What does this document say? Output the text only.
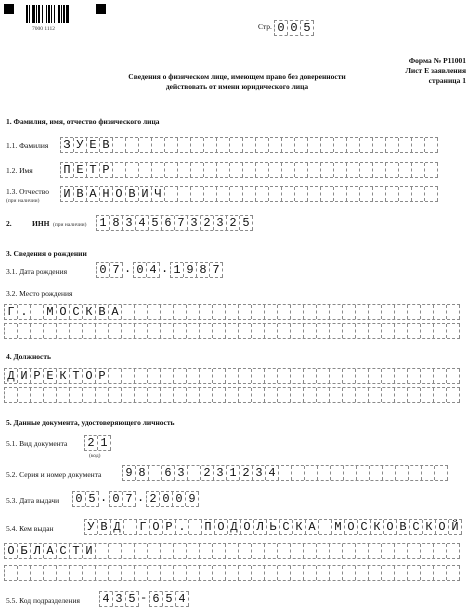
7000 1112	Стр. 0 0 5
Форма № Р11001
Лист Е заявления
страница 1
Сведения о физическом лице, имеющем право без доверенности
действовать от имени юридического лица
1. Фамилия, имя, отчество физического лица
1.1. Фамилия З У Е В
1.2. Имя	П Е Т Р
1.3. Отчество
(при наличии) И В А Н О В И Ч
2.	ИНН (при наличии) 1 8 3 4 5 6 7 3 2 3 2 5
3. Сведения о рождении
3.1. Дата рождения	0 7 . 0 4 . 1 9 8 7
3.2. Место рождения
Г . М О С К В А
4. Должность
Д И Р Е К Т О Р
5. Данные документа, удостоверяющего личность
5.1. Вид документа 2 1
(код)
5.2. Серия и номер документа 9 8 6 3 2 3 1 2 3 4
5.3. Дата выдачи 0 5 . 0 7 . 2 0 0 9
5.4. Кем выдан	У В Д Г О Р . П О Д О Л Ь С К А М О С К О В С К О Й
О Б Л А С Т И
5.5. Код подразделения 4 3 5 - 6 5 4
